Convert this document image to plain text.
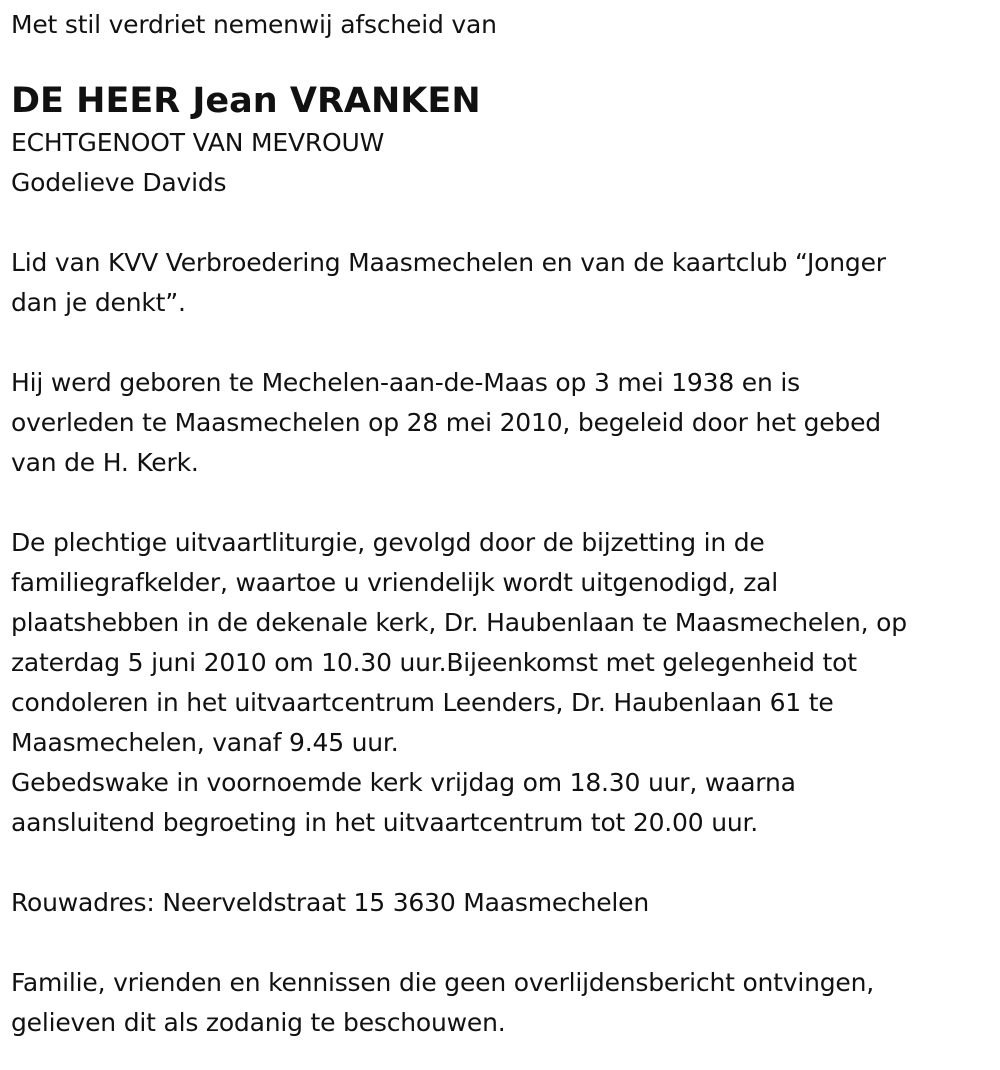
Met stil verdriet nemenwij afscheid van
DE HEER Jean VRANKEN
ECHTGENOOT VAN MEVROUW
Godelieve Davids
Lid van KVV Verbroedering Maasmechelen en van de kaartclub “Jonger
dan je denkt”.
Hij werd geboren te Mechelen-aan-de-Maas op 3 mei 1938 en is
overleden te Maasmechelen op 28 mei 2010, begeleid door het gebed
van de H. Kerk.
De plechtige uitvaartliturgie, gevolgd door de bijzetting in de
familiegrafkelder, waartoe u vriendelijk wordt uitgenodigd, zal
plaatshebben in de dekenale kerk, Dr. Haubenlaan te Maasmechelen, op
zaterdag 5 juni 2010 om 10.30 uur.Bijeenkomst met gelegenheid tot
condoleren in het uitvaartcentrum Leenders, Dr. Haubenlaan 61 te
Maasmechelen, vanaf 9.45 uur.
Gebedswake in voornoemde kerk vrijdag om 18.30 uur, waarna
aansluitend begroeting in het uitvaartcentrum tot 20.00 uur.
Rouwadres: Neerveldstraat 15 3630 Maasmechelen
Familie, vrienden en kennissen die geen overlijdensbericht ontvingen,
gelieven dit als zodanig te beschouwen.
